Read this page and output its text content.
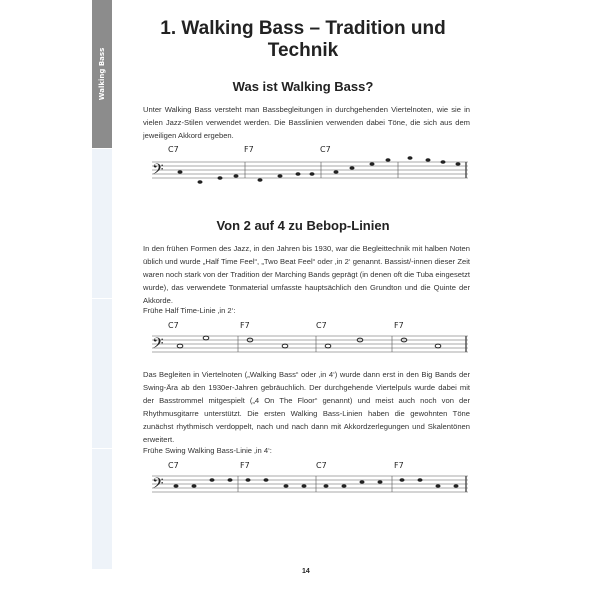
Walking Bass
1. Walking Bass – Tradition und Technik
Was ist Walking Bass?
Unter Walking Bass versteht man Bassbegleitungen in durchgehenden Viertelnoten, wie sie in vielen Jazz-Stilen verwendet werden. Die Basslinien verwenden dabei Töne, die sich aus dem jeweiligen Akkord ergeben.
𝄢
C7	F7	C7
Von 2 auf 4 zu Bebop-Linien
In den frühen Formen des Jazz, in den Jahren bis 1930, war die Begleittechnik mit halben Noten üblich und wurde „Half Time Feel“, „Two Beat Feel“ oder ‚in 2‘ genannt. Bassist/-innen dieser Zeit waren noch stark von der Tradition der Marching Bands geprägt (in denen oft die Tuba eingesetzt wurde), das verwendete Tonmaterial umfasste hauptsächlich den Grundton und die Quinte der Akkorde.
Frühe Half Time-Linie ‚in 2‘:
𝄢
C7	F7	C7	F7
Das Begleiten in Viertelnoten („Walking Bass“ oder ‚in 4‘) wurde dann erst in den Big Bands der Swing-Ära ab den 1930er-Jahren gebräuchlich. Der durchgehende Viertelpuls wurde dabei mit der Basstrommel mitgespielt („4 On The Floor“ genannt) und meist auch noch von der Rhythmusgitarre unterstützt. Die ersten Walking Bass-Linien haben die gewohnten Töne zunächst rhythmisch verdoppelt, nach und nach dann mit Akkordzerlegungen und Skalentönen erweitert.
Frühe Swing Walking Bass-Linie ‚in 4‘:
𝄢
C7	F7	C7	F7
14
